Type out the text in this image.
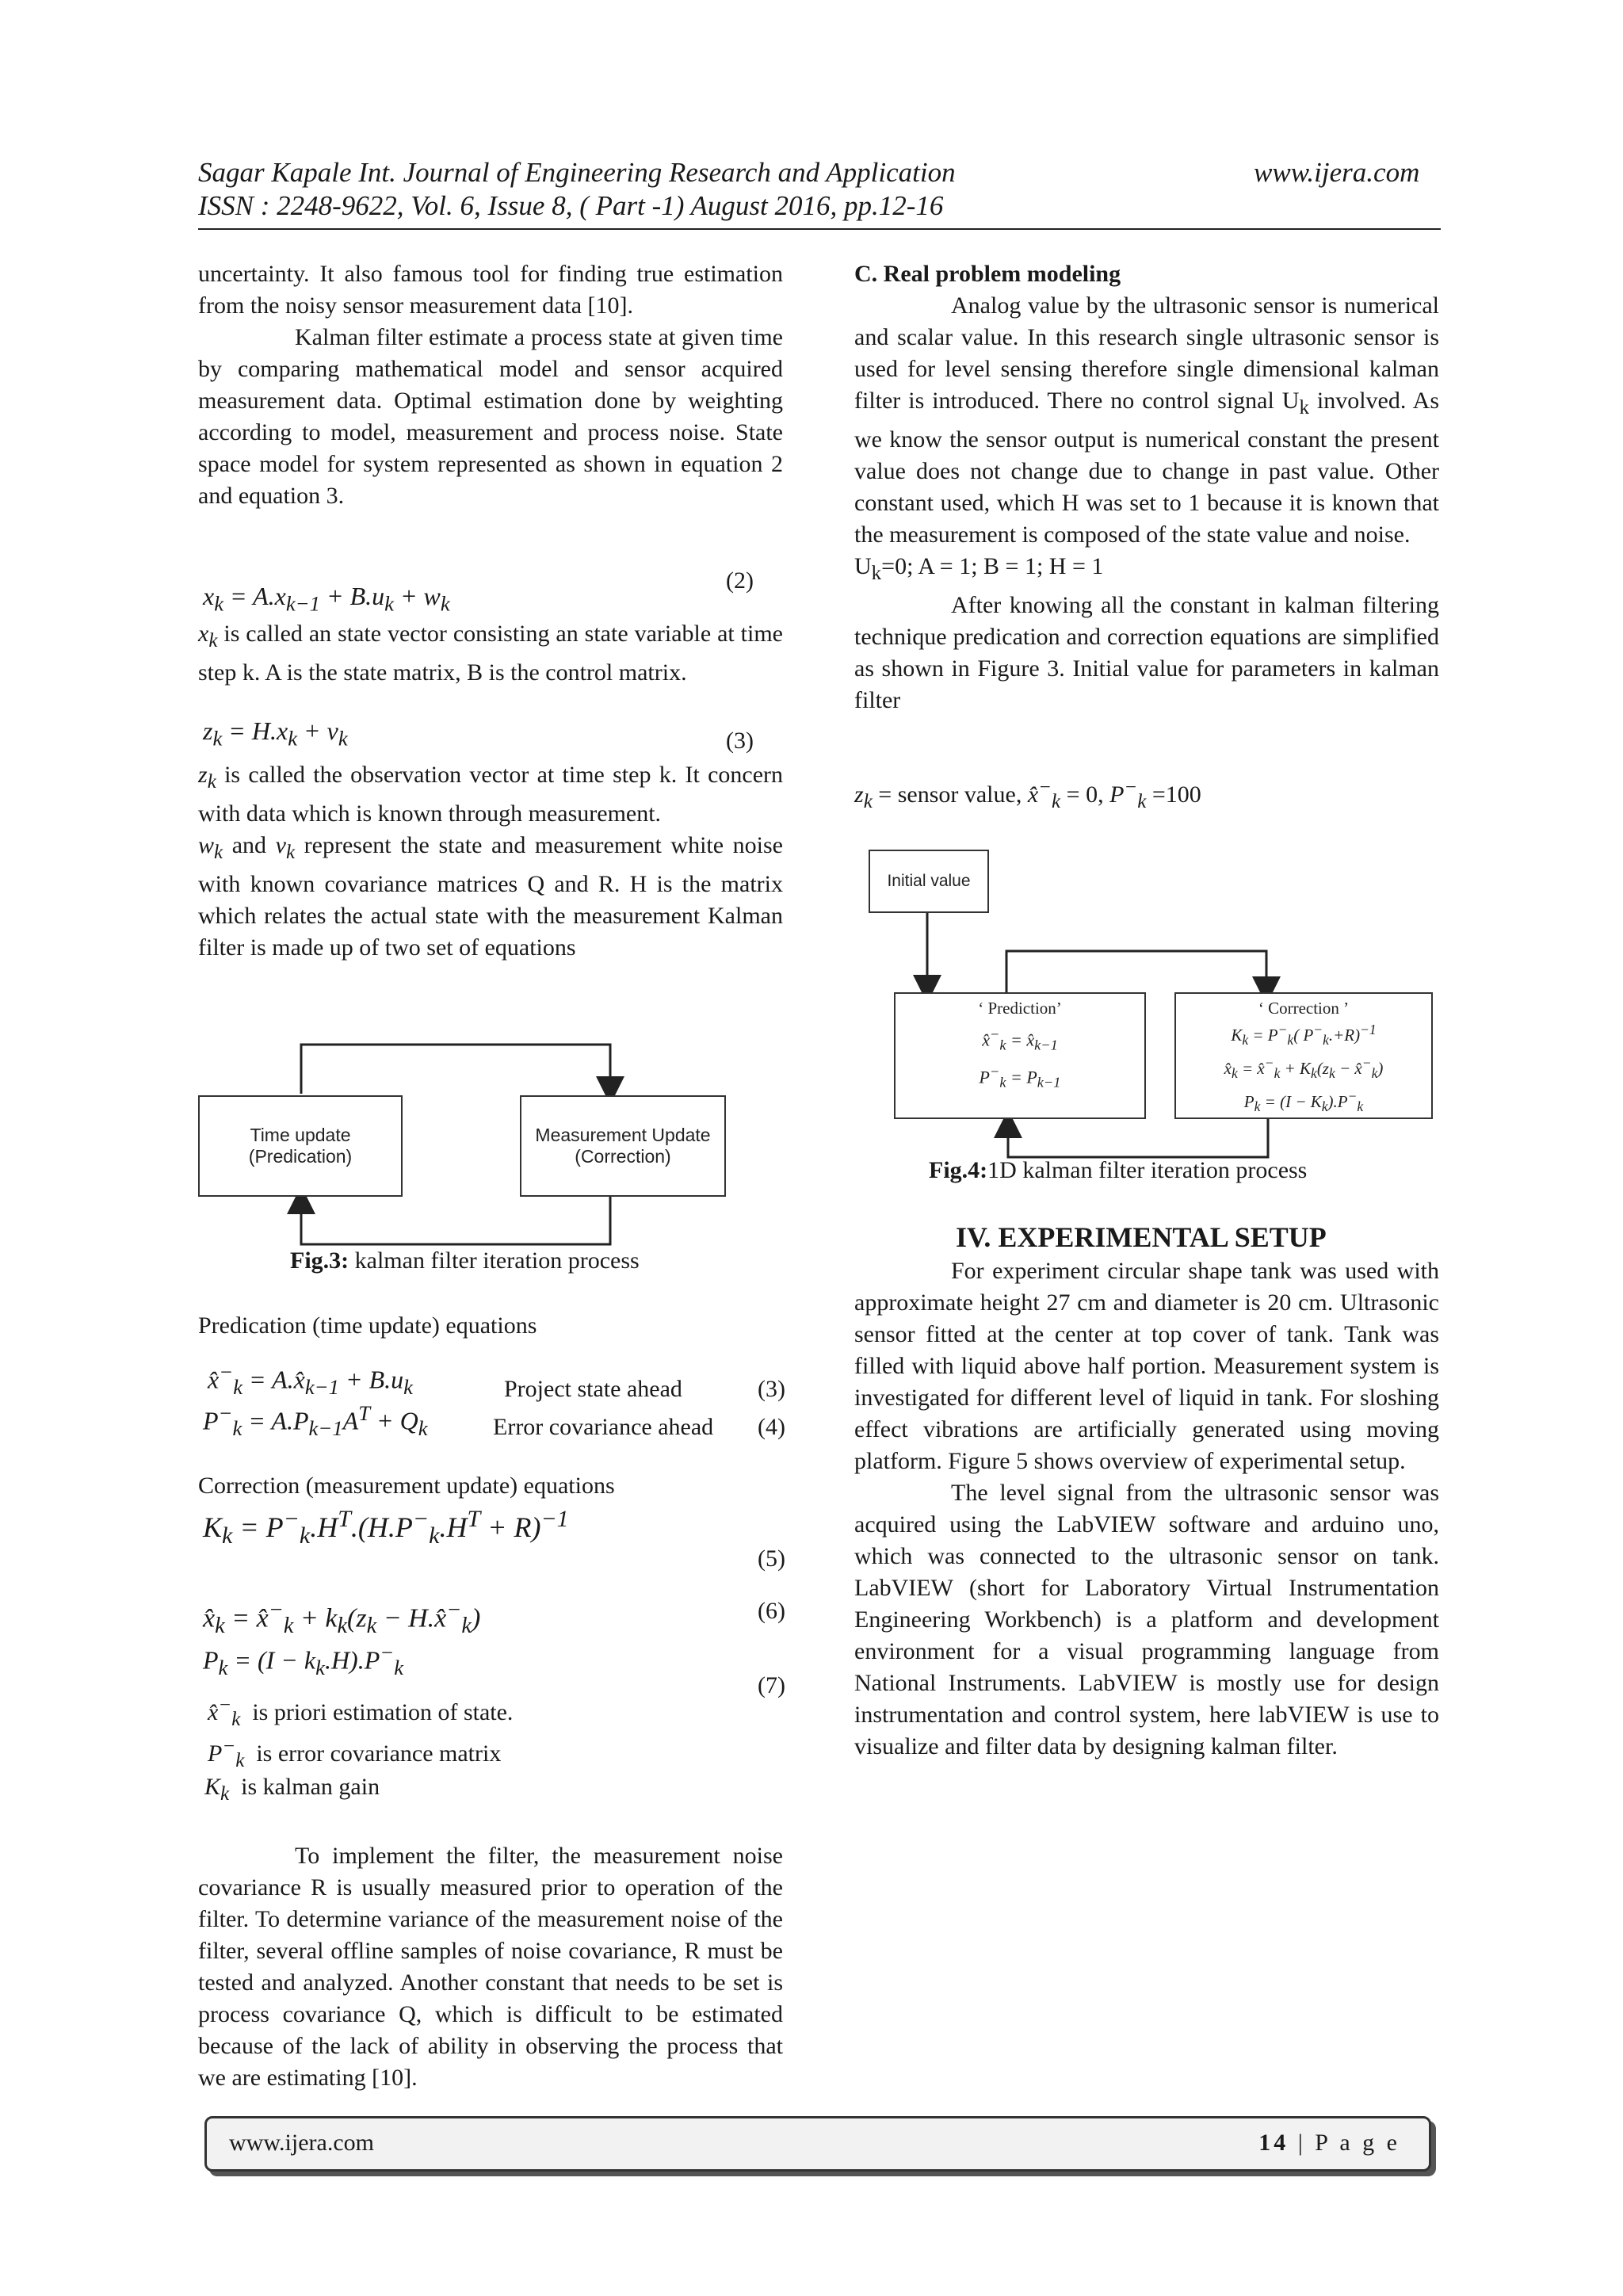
Sagar Kapale Int. Journal of Engineering Research and Application	www.ijera.com
ISSN : 2248-9622, Vol. 6, Issue 8, ( Part -1) August 2016, pp.12-16

uncertainty. It also famous tool for finding true estimation from the noisy sensor measurement data [10].

Kalman filter estimate a process state at given time by comparing mathematical model and sensor acquired measurement data. Optimal estimation done by weighting according to model, measurement and process noise. State space model for system represented as shown in equation 2 and equation 3.

$x_k = A.x_{k-1} + B.u_k + w_k$
(2)

$x_k$ is called an state vector consisting an state variable at time step k. A is the state matrix, B is the control matrix.

$z_k = H.x_k + v_k$	(3)

$z_k$ is called the observation vector at time step k. It concern with data which is known through measurement.

$w_k$ and $v_k$ represent the state and measurement white noise with known covariance matrices Q and R. H is the matrix which relates the actual state with the measurement Kalman filter is made up of two set of equations

Time update
(Predication)
Measurement Update
(Correction)
Fig.3: kalman filter iteration process
Predication (time update) equations
$x̂^-_k$ = $A.x̂_{k-1} + B.u_k$	Project state ahead	(3)
$P^-_k = A.P_{k-1}A^T + Q_k$	Error covariance ahead (4)
Correction (measurement update) equations
$K_k = P^-_k.H^T.(H.P^-_k.H^T + R)^{-1}$
(5)
$x̂_k$ = $x̂^-_k + k_k(z_k$ − $H.x̂^-_k$)	(6)
$P_k = (I - k_k.H).P^-_k$
(7)
$x̂^-_k$ is priori estimation of state.
$P^-_k$ is error covariance matrix
$K_k$ is kalman gain

To implement the filter, the measurement noise covariance R is usually measured prior to operation of the filter. To determine variance of the measurement noise of the filter, several offline samples of noise covariance, R must be tested and analyzed. Another constant that needs to be set is process covariance Q, which is difficult to be estimated because of the lack of ability in observing the process that we are estimating [10].

C. Real problem modeling

Analog value by the ultrasonic sensor is numerical and scalar value. In this research single ultrasonic sensor is used for level sensing therefore single dimensional kalman filter is introduced. There no control signal $U_k$ involved. As we know the sensor output is numerical constant the present value does not change due to change in past value. Other constant used, which H was set to 1 because it is known that the measurement is composed of the state value and noise.

$U_k=0$; A = 1; B = 1; H = 1

After knowing all the constant in kalman filtering technique predication and correction equations are simplified as shown in Figure 3. Initial value for parameters in kalman filter

$z_k$ = sensor value, $x̂^-_k = 0$, $P^-_k =100$
Initial value
‘ Prediction’
$x̂^-_k$ = $x̂_{k-1}$
$P^-_k = P_{k-1}$
‘ Correction ’
$K_k = P^-_k$( $P^-_k.+R)^{-1}$
$x̂_k$ = $x̂^-_k + K_k(z_k$ − $x̂^-_k$)
$P_k = (I - K_k).P^-_k$
Fig.4:1D kalman filter iteration process
IV. EXPERIMENTAL SETUP

For experiment circular shape tank was used with approximate height 27 cm and diameter is 20 cm. Ultrasonic sensor fitted at the center at top cover of tank. Tank was filled with liquid above half portion. Measurement system is investigated for different level of liquid in tank. For sloshing effect vibrations are artificially generated using moving platform. Figure 5 shows overview of experimental setup.

The level signal from the ultrasonic sensor was acquired using the LabVIEW software and arduino uno, which was connected to the ultrasonic sensor on tank. LabVIEW (short for Laboratory Virtual Instrumentation Engineering Workbench) is a platform and development environment for a visual programming language from National Instruments. LabVIEW is mostly use for design instrumentation and control system, here labVIEW is use to visualize and filter data by designing kalman filter.

www.ijera.com	14 | P a g e
